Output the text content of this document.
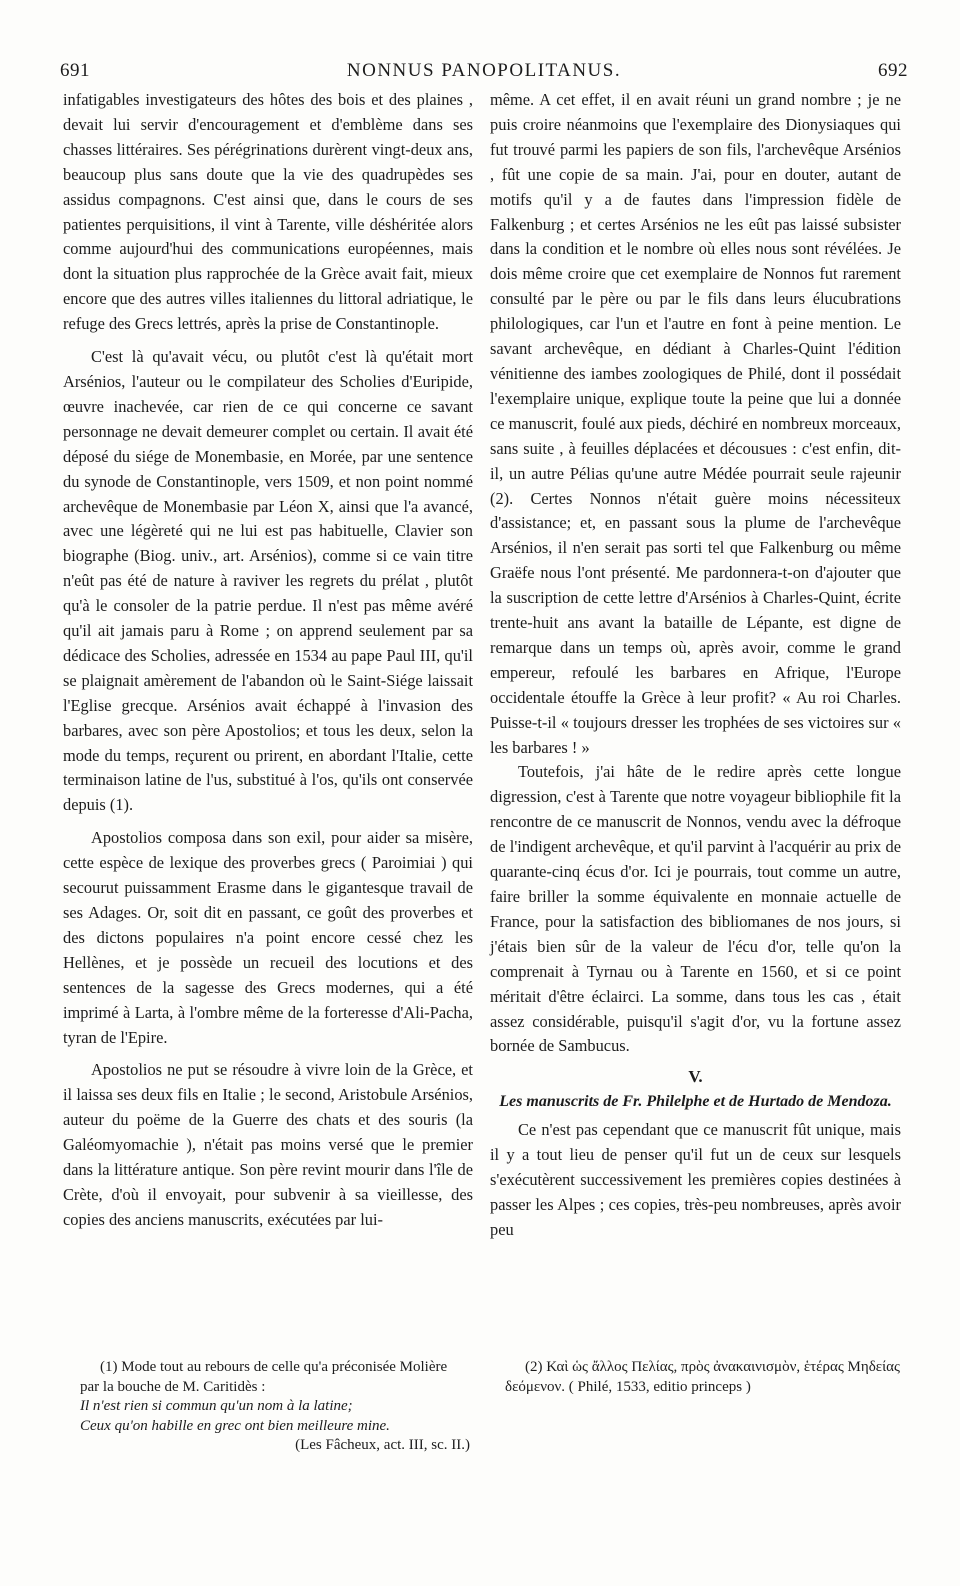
691	NONNUS PANOPOLITANUS.	692

infatigables investigateurs des hôtes des bois et des plaines , devait lui servir d'encouragement et d'emblème dans ses chasses littéraires. Ses pérégrinations durèrent vingt-deux ans, beaucoup plus sans doute que la vie des quadrupèdes ses assidus compagnons. C'est ainsi que, dans le cours de ses patientes perquisitions, il vint à Tarente, ville déshéritée alors comme aujourd'hui des communications européennes, mais dont la situation plus rapprochée de la Grèce avait fait, mieux encore que des autres villes italiennes du littoral adriatique, le refuge des Grecs lettrés, après la prise de Constantinople.

C'est là qu'avait vécu, ou plutôt c'est là qu'était mort Arsénios, l'auteur ou le compilateur des Scholies d'Euripide, œuvre inachevée, car rien de ce qui concerne ce savant personnage ne devait demeurer complet ou certain. Il avait été déposé du siége de Monembasie, en Morée, par une sentence du synode de Constantinople, vers 1509, et non point nommé archevêque de Monembasie par Léon X, ainsi que l'a avancé, avec une légèreté qui ne lui est pas habituelle, Clavier son biographe (Biog. univ., art. Arsénios), comme si ce vain titre n'eût pas été de nature à raviver les regrets du prélat , plutôt qu'à le consoler de la patrie perdue. Il n'est pas même avéré qu'il ait jamais paru à Rome ; on apprend seulement par sa dédicace des Scholies, adressée en 1534 au pape Paul III, qu'il se plaignait amèrement de l'abandon où le Saint-Siége laissait l'Eglise grecque. Arsénios avait échappé à l'invasion des barbares, avec son père Apostolios; et tous les deux, selon la mode du temps, reçurent ou prirent, en abordant l'Italie, cette terminaison latine de l'us, substitué à l'os, qu'ils ont conservée depuis (1).

Apostolios composa dans son exil, pour aider sa misère, cette espèce de lexique des proverbes grecs ( Paroimiai ) qui secourut puissamment Erasme dans le gigantesque travail de ses Adages. Or, soit dit en passant, ce goût des proverbes et des dictons populaires n'a point encore cessé chez les Hellènes, et je possède un recueil des locutions et des sentences de la sagesse des Grecs modernes, qui a été imprimé à Larta, à l'ombre même de la forteresse d'Ali-Pacha, tyran de l'Epire.

Apostolios ne put se résoudre à vivre loin de la Grèce, et il laissa ses deux fils en Italie ; le second, Aristobule Arsénios, auteur du poëme de la Guerre des chats et des souris (la Galéomyomachie ), n'était pas moins versé que le premier dans la littérature antique. Son père revint mourir dans l'île de Crète, d'où il envoyait, pour subvenir à sa vieillesse, des copies des anciens manuscrits, exécutées par lui-

même. A cet effet, il en avait réuni un grand nombre ; je ne puis croire néanmoins que l'exemplaire des Dionysiaques qui fut trouvé parmi les papiers de son fils, l'archevêque Arsénios , fût une copie de sa main. J'ai, pour en douter, autant de motifs qu'il y a de fautes dans l'impression fidèle de Falkenburg ; et certes Arsénios ne les eût pas laissé subsister dans la condition et le nombre où elles nous sont révélées. Je dois même croire que cet exemplaire de Nonnos fut rarement consulté par le père ou par le fils dans leurs élucubrations philologiques, car l'un et l'autre en font à peine mention. Le savant archevêque, en dédiant à Charles-Quint l'édition vénitienne des iambes zoologiques de Philé, dont il possédait l'exemplaire unique, explique toute la peine que lui a donnée ce manuscrit, foulé aux pieds, déchiré en nombreux morceaux, sans suite , à feuilles déplacées et décousues : c'est enfin, dit-il, un autre Pélias qu'une autre Médée pourrait seule rajeunir (2). Certes Nonnos n'était guère moins nécessiteux d'assistance; et, en passant sous la plume de l'archevêque Arsénios, il n'en serait pas sorti tel que Falkenburg ou même Graëfe nous l'ont présenté. Me pardonnera-t-on d'ajouter que la suscription de cette lettre d'Arsénios à Charles-Quint, écrite trente-huit ans avant la bataille de Lépante, est digne de remarque dans un temps où, après avoir, comme le grand empereur, refoulé les barbares en Afrique, l'Europe occidentale étouffe la Grèce à leur profit? « Au roi Charles. Puisse-t-il « toujours dresser les trophées de ses victoires sur « les barbares ! »

Toutefois, j'ai hâte de le redire après cette longue digression, c'est à Tarente que notre voyageur bibliophile fit la rencontre de ce manuscrit de Nonnos, vendu avec la défroque de l'indigent archevêque, et qu'il parvint à l'acquérir au prix de quarante-cinq écus d'or. Ici je pourrais, tout comme un autre, faire briller la somme équivalente en monnaie actuelle de France, pour la satisfaction des bibliomanes de nos jours, si j'étais bien sûr de la valeur de l'écu d'or, telle qu'on la comprenait à Tyrnau ou à Tarente en 1560, et si ce point méritait d'être éclairci. La somme, dans tous les cas , était assez considérable, puisqu'il s'agit d'or, vu la fortune assez bornée de Sambucus.

V.
Les manuscrits de Fr. Philelphe et de Hurtado de Mendoza.

Ce n'est pas cependant que ce manuscrit fût unique, mais il y a tout lieu de penser qu'il fut un de ceux sur lesquels s'exécutèrent successivement les premières copies destinées à passer les Alpes ; ces copies, très-peu nombreuses, après avoir peu

(1) Mode tout au rebours de celle qu'a préconisée Molière par la bouche de M. Caritidès :

Il n'est rien si commun qu'un nom à la latine;

Ceux qu'on habille en grec ont bien meilleure mine.

(Les Fâcheux, act. III, sc. II.)

(2) Καὶ ὡς ἄλλος Πελίας, πρὸς ἀνακαινισμὸν, ἑτέρας Μηδείας δεόμενον. ( Philé, 1533, editio princeps )
